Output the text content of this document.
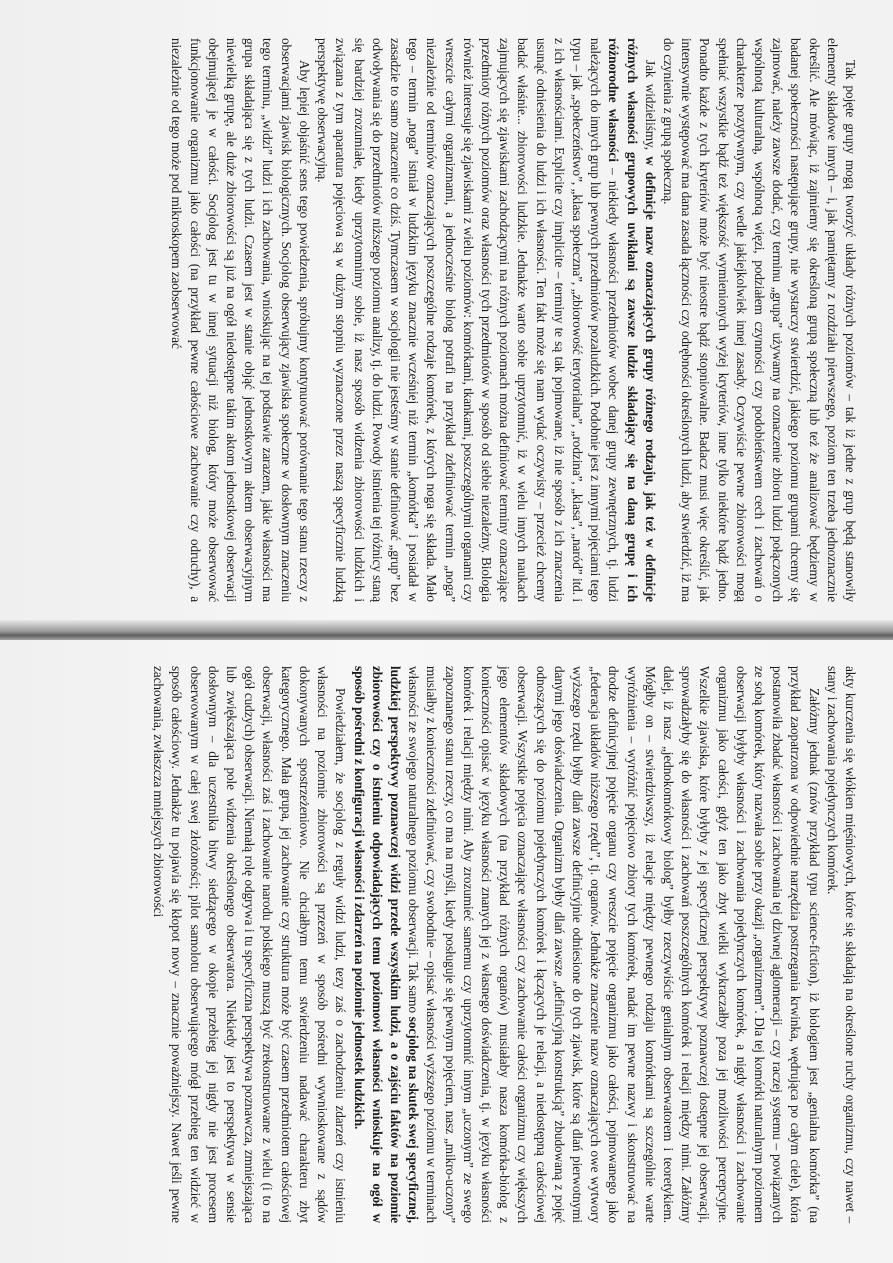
Tak pojęte grupy mogą tworzyć układy różnych poziomów – tak iż jedne z grup będą stanowiły elementy składowe innych – i, jak pamiętamy z rozdziału pierwszego, poziom ten trzeba jednoznacznie określić. Ale mówiąc, iż zajmiemy się określoną grupą społeczną lub też że analizować będziemy w badanej społeczności następujące grupy, nie wystarczy stwierdzić, jakiego poziomu grupami chcemy się zajmować, należy zawsze dodać, czy terminu „grupa” używamy na oznaczenie zbioru ludzi połączonych wspólnotą kulturalną, wspólnotą więzi, podziałem czynności czy podobieństwem cech i zachowań o charakterze pozytywnym, czy wedle jakiejkolwiek innej zasady. Oczywiście pewne zbiorowości mogą spełniać wszystkie bądź też większość wymienionych wyżej kryteriów, inne tylko niektóre bądź jedno. Ponadto każde z tych kryteriów może być nieostre bądź stopniowalne. Badacz musi więc określić, jak intensywnie występować ma dana zasada łączności czy odrębności określonych ludzi, aby stwierdzić, iż ma do czynienia z grupą społeczną.

Jak widzieliśmy, w definicje nazw oznaczających grupy różnego rodzaju, jak też w definicje różnych własności grupowych uwikłani są zawsze ludzie składający się na daną grupę i ich różnorodne własności – niekiedy własności przedmiotów wobec danej grupy zewnętrznych, tj. ludzi należących do innych grup lub pewnych przedmiotów pozaludzkich. Podobnie jest z innymi pojęciami tego typu – jak „społeczeństwo”, „klasa społeczna”, „zbiorowość terytorialna”, „rodzina”, „klasa”, „naród” itd. i z ich własnościami. Explicite czy implicite – terminy te są tak pojmowane, iż nie sposób z ich znaczenia usunąć odniesienia do ludzi i ich własności. Ten fakt może się nam wydać oczywisty – przecież chcemy badać właśnie... zbiorowości ludzkie. Jednakże warto sobie uprzytomnić, iż w wielu innych naukach zajmujących się zjawiskami zachodzącymi na różnych poziomach można definiować terminy oznaczające przedmioty różnych poziomów oraz własności tych przedmiotów w sposób od siebie niezależny. Biologia również interesuje się zjawiskami z wielu poziomów: komórkami, tkankami, poszczególnymi organami czy wreszcie całymi organizmami, a jednocześnie biolog potrafi na przykład zdefiniować termin „noga” niezależnie od terminów oznaczających poszczególne rodzaje komórek, z których noga się składa. Mało tego – termin „noga” istniał w ludzkim języku znacznie wcześniej niż termin „komórka” i posiadał w zasadzie to samo znaczenie co dziś. Tymczasem w socjologii nie jesteśmy w stanie definiować „grup” bez odwoływania się do przedmiotów niższego poziomu analizy, tj. do ludzi. Powody istnienia tej różnicy staną się bardziej zrozumiałe, kiedy uprzytomnimy sobie, iż nasz sposób widzenia zbiorowości ludzkich i związana z tym aparatura pojęciowa są w dużym stopniu wyznaczone przez naszą specyficznie ludzką perspektywę obserwacyjną.

Aby lepiej objaśnić sens tego powiedzenia, spróbujmy kontynuować porównanie tego stanu rzeczy z obserwacjami zjawisk biologicznych. Socjolog obserwujący zjawiska społeczne w dosłownym znaczeniu tego terminu, „widzi” ludzi i ich zachowania, wnioskując na tej podstawie zarazem, jakie własności ma grupa składająca się z tych ludzi. Czasem jest w stanie objąć jednostkowym aktem obserwacyjnym niewielką grupę, ale duże zbiorowości są już na ogół niedostępne takim aktom jednostkowej obserwacji obejmującej je w całości. Socjolog jest tu w innej sytuacji niż biolog, który może obserwować funkcjonowanie organizmu jako całości (na przykład pewne całościowe zachowanie czy odruchy), a niezależnie od tego może pod mikroskopem zaobserwować

akty kurczenia się włókien mięśniowych, które się składają na określone ruchy organizmu, czy nawet – stany i zachowania pojedynczych komórek.

Załóżmy jednak (znów przykład typu science-fiction), iż biologiem jest „genialna komórka” (na przykład zaopatrzona w odpowiednie narzędzia postrzegania krwinka, wędrująca po całym ciele), która postanowiła zbadać własności i zachowania tej dziwnej aglomeracji – czy raczej systemu – powiązanych ze sobą komórek, który nazwała sobie przy okazji „organizmem”. Dla tej komórki naturalnym poziomem obserwacji byłyby własności i zachowania pojedynczych komórek, a nigdy własności i zachowanie organizmu jako całości, gdyż ten jako zbyt wielki wykraczałby poza jej możliwości percepcyjne. Wszelkie zjawiska, które byłyby z jej specyficznej perspektywy poznawczej dostępne jej obserwacji, sprowadzałyby się do własności i zachowań poszczególnych komórek i relacji między nimi. Załóżmy dalej, iż nasz „jednokomórkowy biolog” byłby rzeczywiście genialnym obserwatorem i teoretykiem. Mógłby on – stwierdziwszy, iż relacje między pewnego rodzaju komórkami są szczególnie warte wyróżnienia – wyróżnić pojęciowo zbiory tych komórek, nadać im pewne nazwy i skonstruować na drodze definicyjnej pojęcie organu czy wreszcie pojęcie organizmu jako całości, pojmowanego jako „federacja układów niższego rzędu”, tj. organów. Jednakże znaczenie nazw oznaczających owe wytwory wyższego rzędu byłby dlań zawsze definicyjnie odniesione do tych zjawisk, które są dlań pierwotnymi danymi jego doświadczenia. Organizm byłby dlań zawsze „definicyjną konstrukcją” zbudowaną z pojęć odnoszących się do poziomu pojedynczych komórek i łączących je relacji, a niedostępną całościowej obserwacji. Wszystkie pojęcia oznaczające własności czy zachowanie całości organizmu czy większych jego elementów składowych (na przykład różnych organów) musiałaby nasza komórka-biolog z konieczności opisać w języku własności znanych jej z własnego doświadczenia, tj. w języku własności komórek i relacji między nimi. Aby zrozumieć samemu czy uprzytomnić innym „uczonym” ze swego zapoznanego stanu rzeczy, co ma na myśli, kiedy posługuje się pewnym pojęciem, nasz „mikro-uczony” musiałby z konieczności zdefiniować, czy swobodnie – opisać własności wyższego poziomu w terminach własności ze swojego naturalnego poziomu obserwacji. Tak samo socjolog na skutek swej specyficznej, ludzkiej perspektywy poznawczej widzi przede wszystkim ludzi, a o zajściu faktów na poziomie zbiorowości czy o istnieniu odpowiadających temu poziomowi własności wnioskuje na ogół w sposób pośredni z konfiguracji własności i zdarzeń na poziomie jednostek ludzkich.

Powiedziałem, że socjolog z reguły widzi ludzi, tezy zaś o zachodzeniu zdarzeń czy istnieniu własności na poziomie zbiorowości są przezeń w sposób pośredni wywnioskowane z sądów dokonywanych spostrzeżeniowo. Nie chciałbym temu stwierdzeniu nadawać charakteru zbyt kategorycznego. Mała grupa, jej zachowanie czy struktura może być czasem przedmiotem całościowej obserwacji, własności zaś i zachowanie narodu polskiego muszą być zrekonstruowane z wielu (i to na ogół cudzych) obserwacji. Niemałą rolę odgrywa i tu specyficzna perspektywa poznawcza, zmniejszająca lub zwiększająca pole widzenia określonego obserwatora. Niekiedy jest to perspektywa w sensie dosłownym – dla uczestnika bitwy siedzącego w okopie przebieg jej nigdy nie jest procesem obserwowanym w całej swej złożoności; pilot samolotu obserwującego mógł przebieg ten widzieć w sposób całościowy. Jednakże tu pojawia się kłopot nowy – znacznie poważniejszy. Nawet jeśli pewne zachowania, zwłaszcza mniejszych zbiorowości
